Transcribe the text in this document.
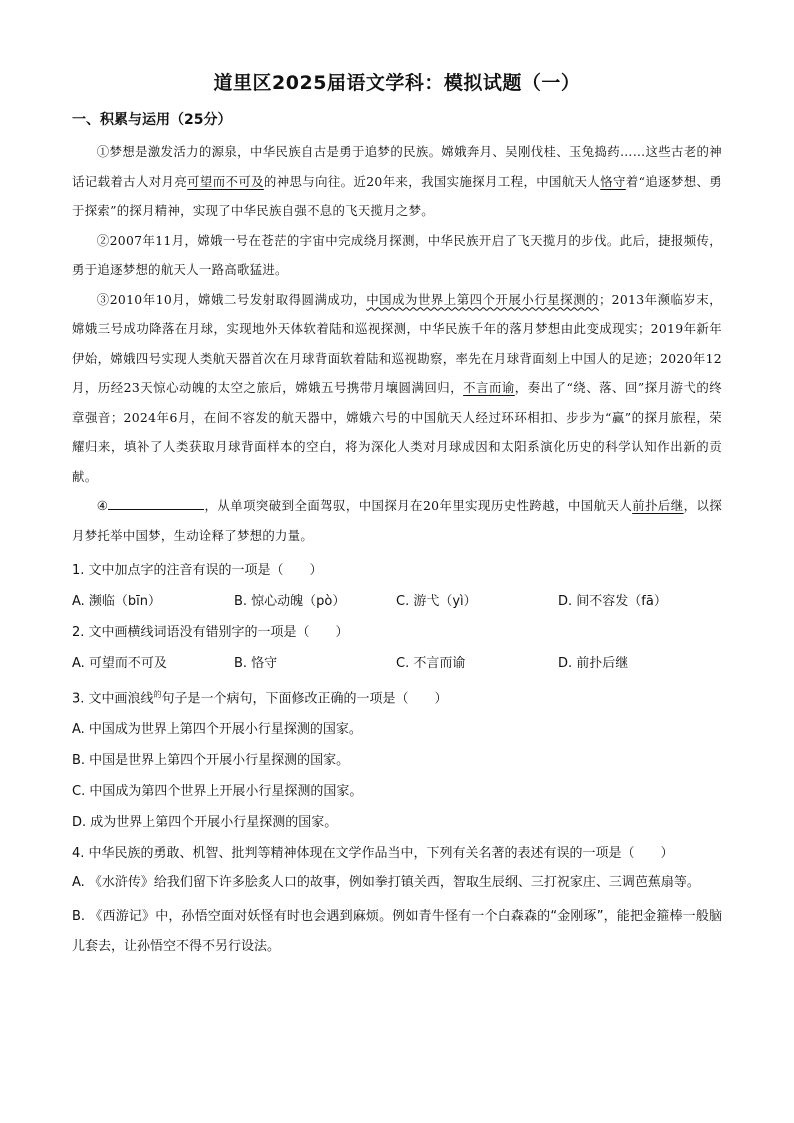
道里区2025届语文学科：模拟试题（一）
一、积累与运用（25分）

①梦想是激发活力的源泉，中华民族自古是勇于追梦的民族。嫦娥奔月、吴刚伐桂、玉兔捣药……这些古老的神话记载着古人对月亮可望而不可及的神思与向往。近20年来，我国实施探月工程，中国航天人恪守着“追逐梦想、勇于探索”的探月精神，实现了中华民族自强不息的飞天揽月之梦。

②2007年11月，嫦娥一号在苍茫的宇宙中完成绕月探测，中华民族开启了飞天揽月的步伐。此后，捷报频传，勇于追逐梦想的航天人一路高歌猛进。

③2010年10月，嫦娥二号发射取得圆满成功，中国成为世界上第四个开展小行星探测的；2013年濒临岁末，嫦娥三号成功降落在月球，实现地外天体软着陆和巡视探测，中华民族千年的落月梦想由此变成现实；2019年新年伊始，嫦娥四号实现人类航天器首次在月球背面软着陆和巡视勘察，率先在月球背面刻上中国人的足迹；2020年12月，历经23天惊心动魄的太空之旅后，嫦娥五号携带月壤圆满回归，不言而谕，奏出了“绕、落、回”探月游弋的终章强音；2024年6月，在间不容发的航天器中，嫦娥六号的中国航天人经过环环相扣、步步为“赢”的探月旅程，荣耀归来，填补了人类获取月球背面样本的空白，将为深化人类对月球成因和太阳系演化历史的科学认知作出新的贡献。

④	，从单项突破到全面驾驭，中国探月在20年里实现历史性跨越，中国航天人前扑后继，以探月梦托举中国梦，生动诠释了梦想的力量。

1. 文中加点字的注音有误的一项是（　　）
A. 濒临（bīn）	B. 惊心动魄（pò）	C. 游弋（yì）	D. 间不容发（fā）
2. 文中画横线词语没有错别字的一项是（　　）
A. 可望而不可及	B. 恪守	C. 不言而谕	D. 前扑后继
3. 文中画浪线$^的$句子是一个病句，下面修改正确的一项是（　　）
A. 中国成为世界上第四个开展小行星探测的国家。
B. 中国是世界上第四个开展小行星探测的国家。
C. 中国成为第四个世界上开展小行星探测的国家。
D. 成为世界上第四个开展小行星探测的国家。
4. 中华民族的勇敢、机智、批判等精神体现在文学作品当中，下列有关名著的表述有误的一项是（　　）
A. 《水浒传》给我们留下许多脍炙人口的故事，例如拳打镇关西，智取生辰纲、三打祝家庄、三调芭蕉扇等。
B. 《西游记》中，孙悟空面对妖怪有时也会遇到麻烦。例如青牛怪有一个白森森的“金刚琢”，能把金箍棒一般脑儿套去，让孙悟空不得不另行设法。
